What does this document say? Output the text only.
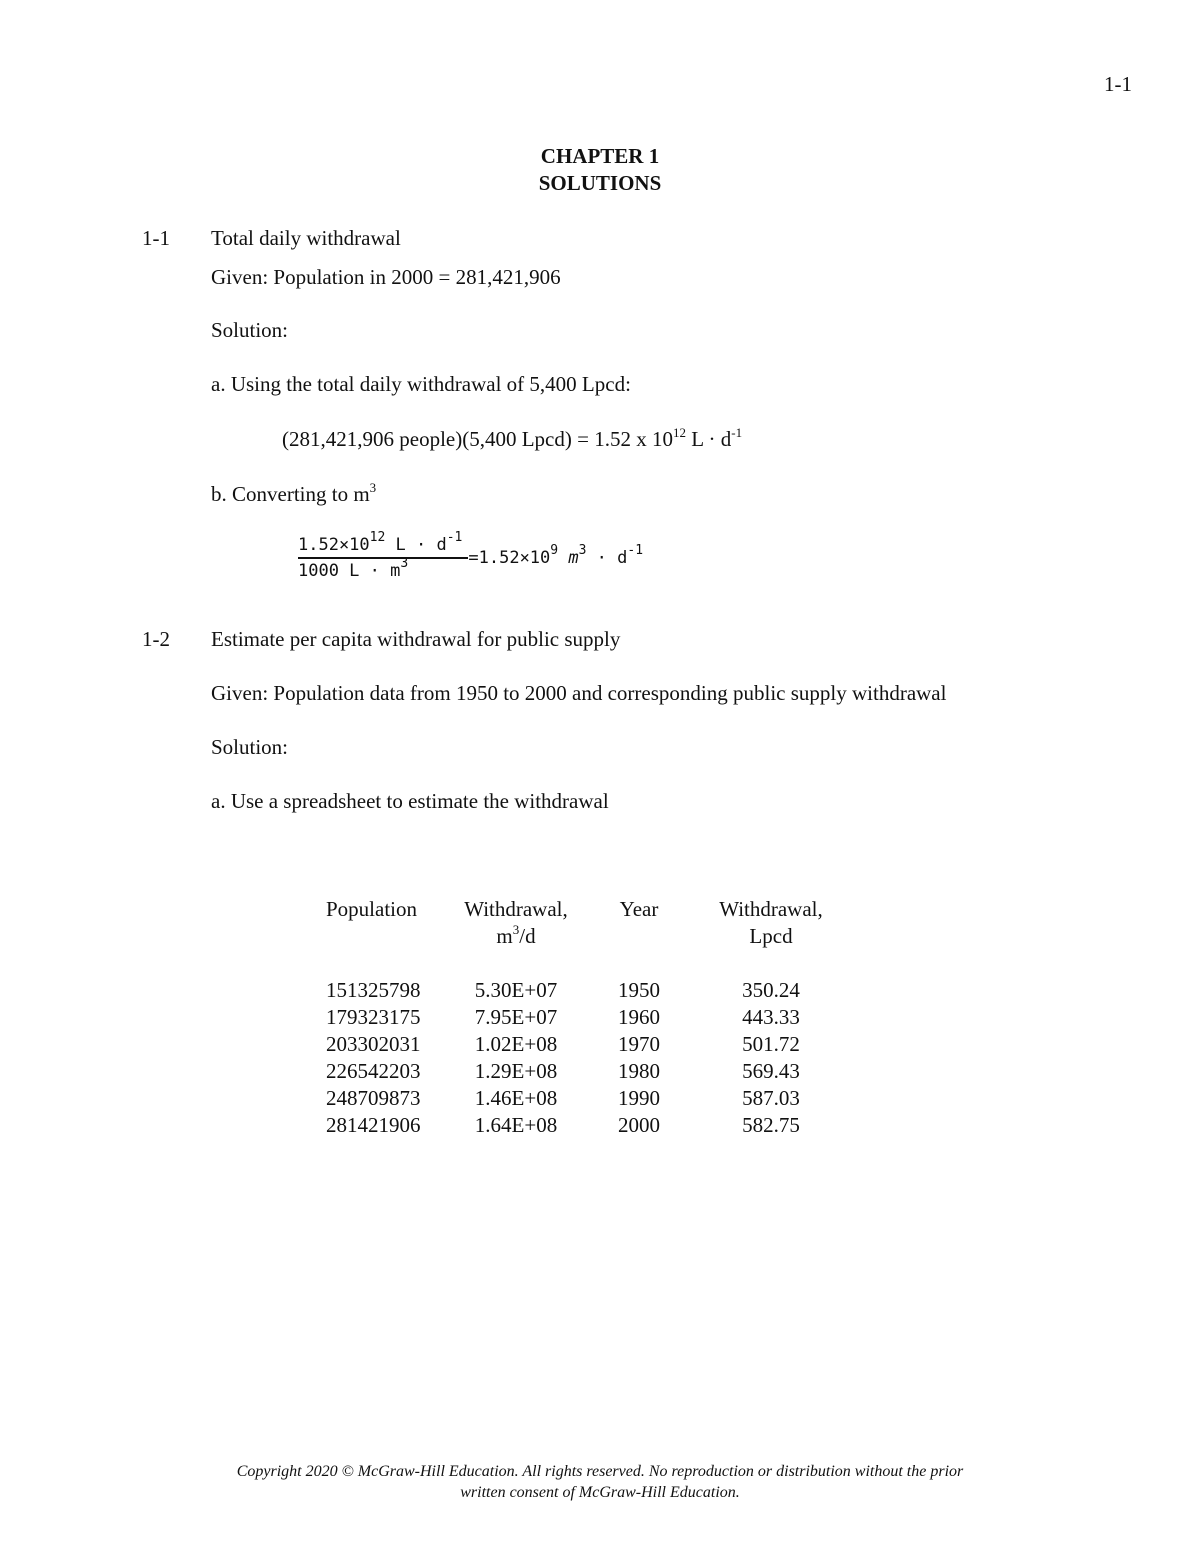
1-1
CHAPTER 1
SOLUTIONS
1-1 Total daily withdrawal
Given: Population in 2000 = 281,421,906
Solution:
a. Using the total daily withdrawal of 5,400 Lpcd:
(281,421,906 people)(5,400 Lpcd) = 1.52 x $10^{12}$ $L \cdot d^{-1}$
b. Converting to $m^3$
$\frac{1.52\times 10^{12} L \cdot d^{-1}}{1000 L \cdot m^3} =1.52\times 10^9$ $m^3 \cdot d^{-1}$
1-2 Estimate per capita withdrawal for public supply
Given: Population data from 1950 to 2000 and corresponding public supply withdrawal
Solution:
a. Use a spreadsheet to estimate the withdrawal
Population

151325798
179323175
203302031
226542203
248709873
281421906
Withdrawal,
$m^3/d$

5.30E+07
7.95E+07
1.02E+08
1.29E+08
1.46E+08
1.64E+08
Year

1950
1960
1970
1980
1990
2000
Withdrawal,
Lpcd

350.24
443.33
501.72
569.43
587.03
582.75
Copyright 2020 © McGraw-Hill Education. All rights reserved. No reproduction or distribution without the prior
written consent of McGraw-Hill Education.
